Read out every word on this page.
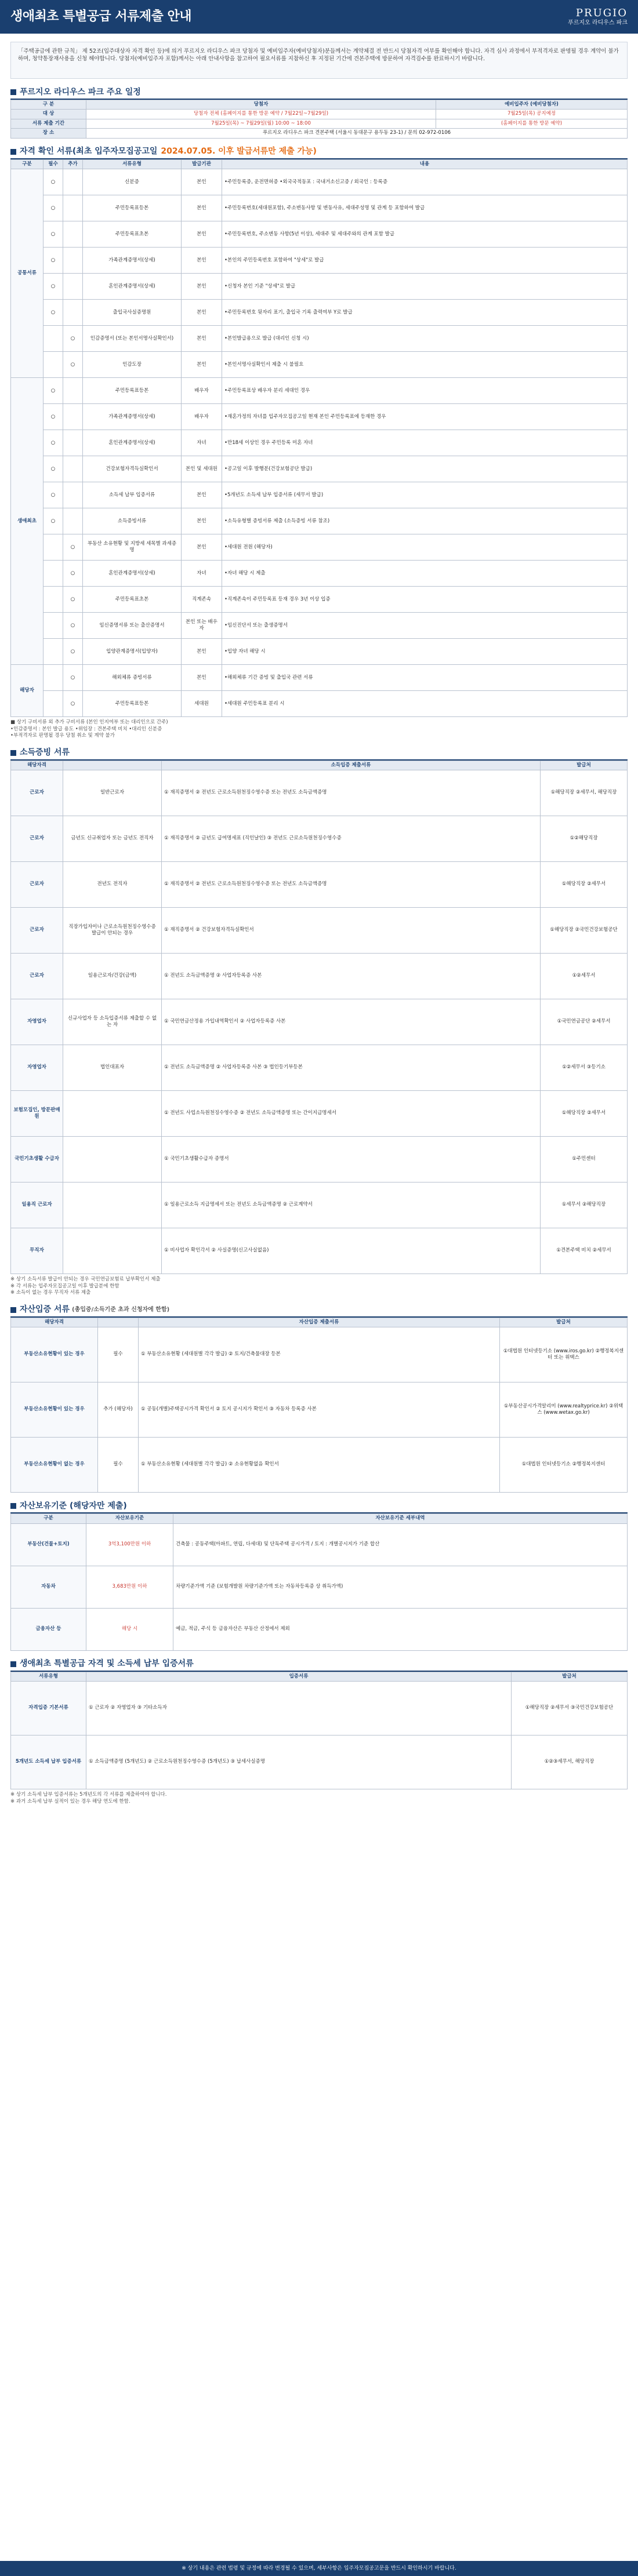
생애최초 특별공급 서류제출 안내	PRUGIO
푸르지오 라디우스 파크
「주택공급에 관한 규칙」 제 52조(입주대상자 자격 확인 등)에 의거 푸르지오 라디우스 파크 당첨자 및 예비입주자(예비당첨자)분들께서는 계약체결 전 반드시 당첨자격 여부를 확인해야 합니다. 자격 심사 과정에서 부적격자로 판명될 경우 계약이 불가 하며, 청약통장재사용을 신청 해야합니다. 당첨자(예비입주자 포함)께서는 아래 안내사항을 참고하여 필요서류를 지참하신 후 지정된 기간에 견본주택에 방문하여 자격검수를 완료하시기 바랍니다.
푸르지오 라디우스 파크 주요 일정
구 분	당첨자	예비입주자 (예비당첨자)
대 상	당첨자 전체 (홈페이지를 통한 방문 예약 / 7월22일~7월29일)	7월25일(목) 공지예정
서류 제출 기간	7월25일(목) ~ 7월29일(월) 10:00 ~ 18:00	(홈페이지를 통한 방문 예약)
장 소	푸르지오 라디우스 파크 견본주택 (서울시 동대문구 용두동 23-1) / 문의 02-972-0106	
자격 확인 서류(최초 입주자모집공고일 2024.07.05. 이후 발급서류만 제출 가능)
구분	필수	추가	서류유형	발급기관	내용
공통서류	○		신분증	본인	•주민등록증, 운전면허증 •외국국적동포 : 국내거소신고증 / 외국인 : 등록증
	○		주민등록표등본	본인	•주민등록번호(세대원포함), 주소변동사항 및 변동사유, 세대주성명 및 관계 등 포함하여 발급
	○		주민등록표초본	본인	•주민등록번호, 주소변동 사항(5년 이상), 세대주 및 세대주와의 관계 포함 발급
	○		가족관계증명서(상세)	본인	•본인의 주민등록번호 포함하여 "상세"로 발급
	○		혼인관계증명서(상세)	본인	•신청자 본인 기준 "상세"로 발급
	○		출입국사실증명원	본인	•주민등록번호 뒷자리 표기, 출입국 기록 출력여부 Y로 발급
		○	인감증명서 (또는 본인서명사실확인서)	본인	•본인발급용으로 발급 (대리인 신청 시)
		○	인감도장	본인	•본인서명사실확인서 제출 시 불필요
생애최초	○		주민등록표등본	배우자	•주민등록표상 배우자 분리 세대인 경우
	○		가족관계증명서(상세)	배우자	•재혼가정의 자녀를 입주자모집공고일 현재 본인 주민등록표에 등재한 경우
	○		혼인관계증명서(상세)	자녀	•만18세 이상인 경우 주민등록 미혼 자녀
	○		건강보험자격득실확인서	본인 및 세대원	•공고일 이후 발행분(건강보험공단 발급)
	○		소득세 납부 입증서류	본인	•5개년도 소득세 납부 입증서류 (세무서 발급)
	○		소득증빙서류	본인	•소득유형별 증빙서류 제출 (소득증빙 서류 참조)
		○	부동산 소유현황 및 지방세 세목별 과세증명	본인	•세대원 전원 (해당자)
		○	혼인관계증명서(상세)	자녀	•자녀 해당 시 제출
		○	주민등록표초본	직계존속	•직계존속이 주민등록표 등재 경우 3년 이상 입증
		○	임신증명서류 또는 출산증명서	본인 또는 배우자	•임신진단서 또는 출생증명서
		○	입양관계증명서(입양자)	본인	•입양 자녀 해당 시
해당자		○	해외체류 증빙서류	본인	•해외체류 기간 증빙 및 출입국 관련 서류
		○	주민등록표등본	세대원	•세대원 주민등록표 분리 시
■ 상기 구비서류 외 추가 구비서류 (본인 인지여부 또는 대리인으로 간주)
•인감증명서 : 본인 발급 용도 •위임장 : 견본주택 비치 •대리인 신분증
•부적격자로 판명될 경우 당첨 취소 및 계약 불가
소득증빙 서류
해당자격		소득입증 제출서류	발급처
근로자	일반근로자	① 재직증명서 ② 전년도 근로소득원천징수영수증 또는 전년도 소득금액증명	①해당직장 ②세무서, 해당직장
근로자	금년도 신규취업자 또는 금년도 전직자	① 재직증명서 ② 금년도 급여명세표 (직인날인) ③ 전년도 근로소득원천징수영수증	①②해당직장
근로자	전년도 전직자	① 재직증명서 ② 전년도 근로소득원천징수영수증 또는 전년도 소득금액증명	①해당직장 ②세무서
근로자	직장가입자이나 근로소득원천징수영수증 발급이 안되는 경우	① 재직증명서 ② 건강보험자격득실확인서	①해당직장 ②국민건강보험공단
근로자	일용근로자/건강(금액)	① 전년도 소득금액증명 ② 사업자등록증 사본	①②세무서
자영업자	신규사업자 등 소득입증서류 제출할 수 없는 자	① 국민연금산정용 가입내역확인서 ② 사업자등록증 사본	①국민연금공단 ②세무서
자영업자	법인대표자	① 전년도 소득금액증명 ② 사업자등록증 사본 ③ 법인등기부등본	①②세무서 ③등기소
보험모집인, 방문판매원		① 전년도 사업소득원천징수영수증 ② 전년도 소득금액증명 또는 간이지급명세서	①해당직장 ②세무서
국민기초생활 수급자		① 국민기초생활수급자 증명서	①주민센터
일용직 근로자		① 일용근로소득 지급명세서 또는 전년도 소득금액증명 ② 근로계약서	①세무서 ②해당직장
무직자		① 비사업자 확인각서 ② 사실증명(신고사실없음)	①견본주택 비치 ②세무서
※ 상기 소득서류 발급이 안되는 경우 국민연금보험료 납부확인서 제출
※ 각 서류는 입주자모집공고일 이후 발급분에 한함
※ 소득이 없는 경우 무직자 서류 제출
자산입증 서류 (총입증/소득기준 초과 신청자에 한함)
해당자격		자산입증 제출서류	발급처
부동산소유현황이 있는 경우	필수	① 부동산소유현황 (세대원별 각각 발급) ② 토지/건축물대장 등본	①대법원 인터넷등기소 (www.iros.go.kr) ②행정복지센터 또는 위택스
부동산소유현황이 있는 경우	추가 (해당자)	① 공동(개별)주택공시가격 확인서 ② 토지 공시지가 확인서 ③ 자동차 등록증 사본	①부동산공시가격알리미 (www.realtyprice.kr) ②위택스 (www.wetax.go.kr)
부동산소유현황이 없는 경우	필수	① 부동산소유현황 (세대원별 각각 발급) ② 소유현황없음 확인서	①대법원 인터넷등기소 ②행정복지센터
자산보유기준 (해당자만 제출)
구분	자산보유기준	자산보유기준 세부내역
부동산(건물+토지)	3억3,100만원 이하	건축물 : 공동주택(아파트, 연립, 다세대) 및 단독주택 공시가격 / 토지 : 개별공시지가 기준 합산
자동차	3,683만원 이하	차량기준가액 기준 (보험개발원 차량기준가액 또는 자동차등록증 상 취득가액)
금융자산 등	해당 시	예금, 적금, 주식 등 금융자산은 부동산 산정에서 제외
생애최초 특별공급 자격 및 소득세 납부 입증서류
서류유형	입증서류	발급처
자격입증 기본서류	① 근로자 ② 자영업자 ③ 기타소득자	①해당직장 ②세무서 ③국민건강보험공단
5개년도 소득세 납부 입증서류	① 소득금액증명 (5개년도) ② 근로소득원천징수영수증 (5개년도) ③ 납세사실증명	①②③세무서, 해당직장
※ 상기 소득세 납부 입증서류는 5개년도의 각 서류를 제출하여야 합니다.
※ 과거 소득세 납부 실적이 있는 경우 해당 연도에 한함.
※ 상기 내용은 관련 법령 및 규정에 따라 변경될 수 있으며, 세부사항은 입주자모집공고문을 반드시 확인하시기 바랍니다.
